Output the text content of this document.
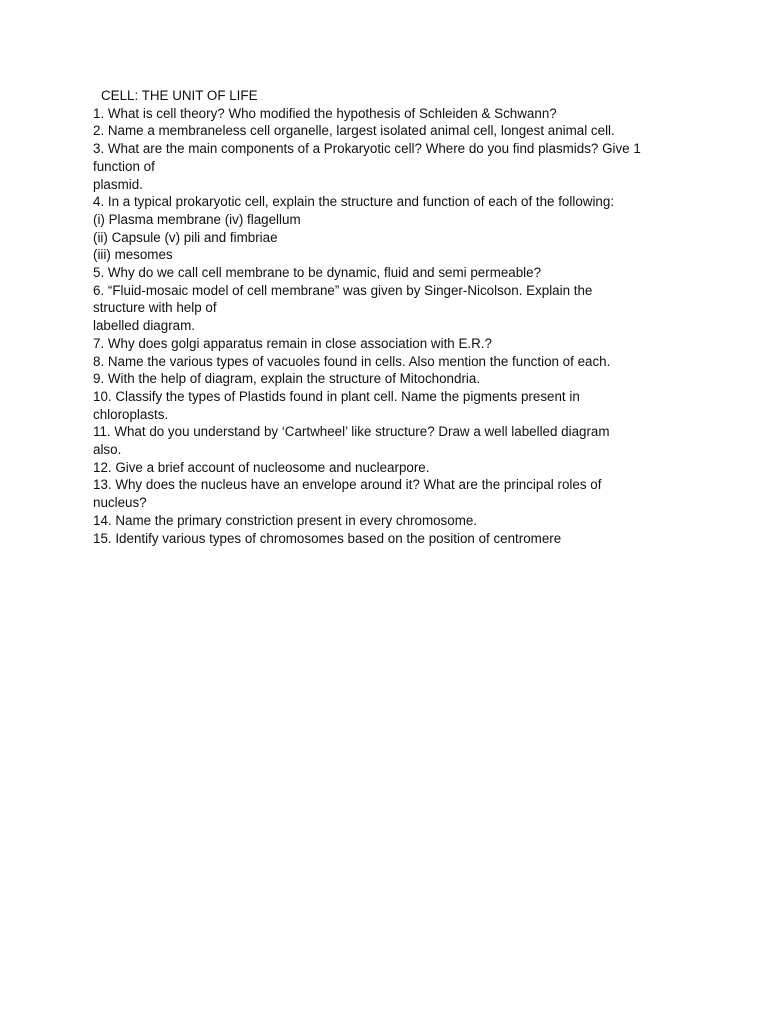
CELL: THE UNIT OF LIFE
1. What is cell theory? Who modified the hypothesis of Schleiden & Schwann?
2. Name a membraneless cell organelle, largest isolated animal cell, longest animal cell.
3. What are the main components of a Prokaryotic cell? Where do you find plasmids? Give 1
function of
plasmid.
4. In a typical prokaryotic cell, explain the structure and function of each of the following:
(i) Plasma membrane (iv) flagellum
(ii) Capsule (v) pili and fimbriae
(iii) mesomes
5. Why do we call cell membrane to be dynamic, fluid and semi permeable?
6. “Fluid-mosaic model of cell membrane” was given by Singer-Nicolson. Explain the
structure with help of
labelled diagram.
7. Why does golgi apparatus remain in close association with E.R.?
8. Name the various types of vacuoles found in cells. Also mention the function of each.
9. With the help of diagram, explain the structure of Mitochondria.
10. Classify the types of Plastids found in plant cell. Name the pigments present in
chloroplasts.
11. What do you understand by ‘Cartwheel’ like structure? Draw a well labelled diagram
also.
12. Give a brief account of nucleosome and nuclearpore.
13. Why does the nucleus have an envelope around it? What are the principal roles of
nucleus?
14. Name the primary constriction present in every chromosome.
15. Identify various types of chromosomes based on the position of centromere
